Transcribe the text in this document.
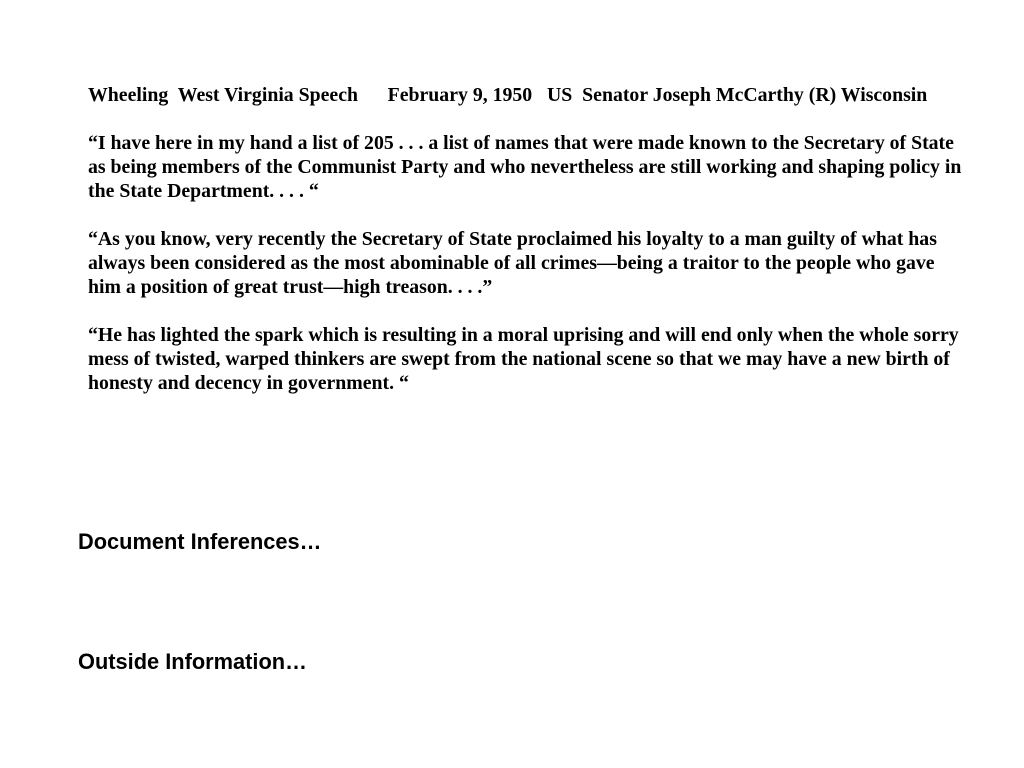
Wheeling  West Virginia Speech      February 9, 1950   US  Senator Joseph McCarthy (R) Wisconsin
“I have here in my hand a list of 205 . . . a list of names that were made known to the Secretary of State
as being members of the Communist Party and who nevertheless are still working and shaping policy in
the State Department. . . . “
“As you know, very recently the Secretary of State proclaimed his loyalty to a man guilty of what has
always been considered as the most abominable of all crimes—being a traitor to the people who gave
him a position of great trust—high treason. . . .”
“He has lighted the spark which is resulting in a moral uprising and will end only when the whole sorry
mess of twisted, warped thinkers are swept from the national scene so that we may have a new birth of
honesty and decency in government. “
Document Inferences…
Outside Information…
